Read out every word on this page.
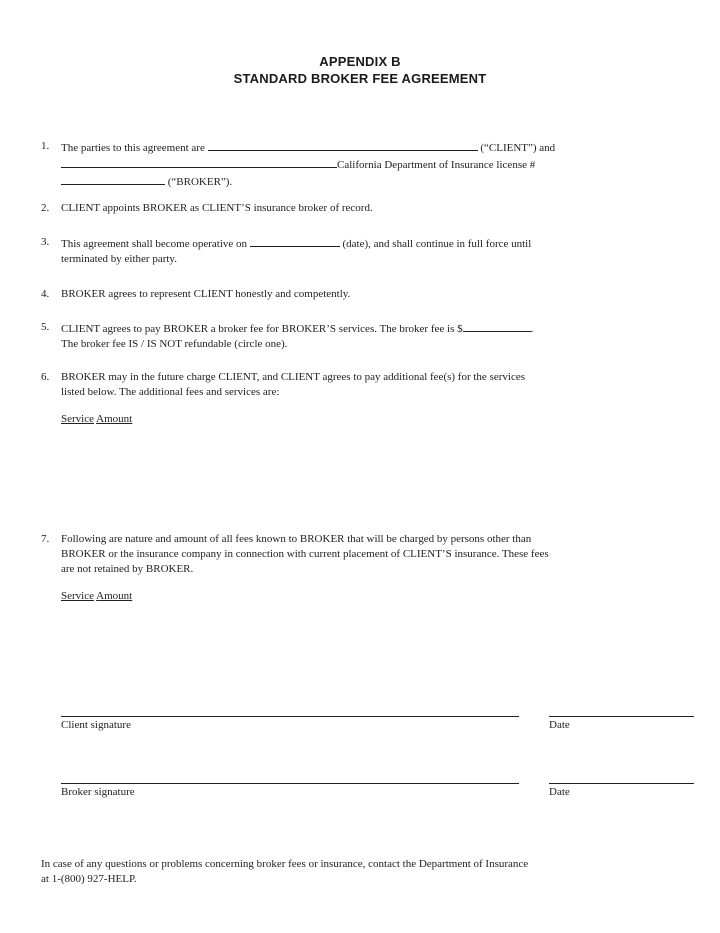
APPENDIX B
STANDARD BROKER FEE AGREEMENT
1.	The parties to this agreement are	(“CLIENT”) and
California Department of Insurance license #
(“BROKER”).
2.	CLIENT appoints BROKER as CLIENT’S insurance broker of record.
3.	This agreement shall become operative on	(date), and shall continue in full force until
terminated by either party.
4.	BROKER agrees to represent CLIENT honestly and competently.
5.	CLIENT agrees to pay BROKER a broker fee for BROKER’S services. The broker fee is $	.
The broker fee IS / IS NOT refundable (circle one).
6.	BROKER may in the future charge CLIENT, and CLIENT agrees to pay additional fee(s) for the services
listed below. The additional fees and services are:
Service Amount
7.	Following are nature and amount of all fees known to BROKER that will be charged by persons other than
BROKER or the insurance company in connection with current placement of CLIENT’S insurance. These fees
are not retained by BROKER.
Service Amount
Client signature	Date
Broker signature	Date
In case of any questions or problems concerning broker fees or insurance, contact the Department of Insurance
at 1-(800) 927-HELP.
